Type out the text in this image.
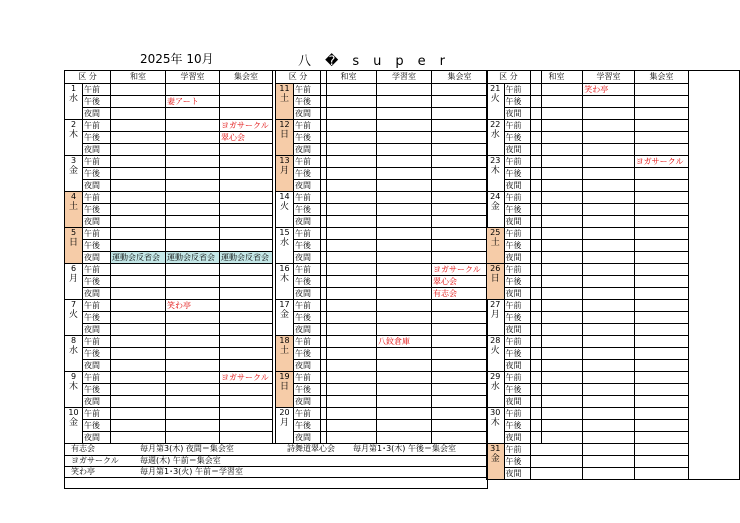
2025年 10月	八�super
区 分		和室	学習室	集会室

1
水	午前			
	午後		妻アート	
	夜間			

2
木	午前			ヨガサークル
	午後			翠心会
	夜間			

3
金	午前			
	午後			
	夜間			

4
土	午前			
	午後			
	夜間			

5
日	午前			
	午後			
	夜間	運動会反省会	運動会反省会	運動会反省会

6
月	午前			
	午後			
	夜間			

7
火	午前		笑わ亭	
	午後			
	夜間			

8
水	午前			
	午後			
	夜間			

9
木	午前			ヨガサークル
	午後			
	夜間			

10
金	午前			
	午後			
	夜間			
区 分		和室	学習室	集会室

11
土	午前			
	午後			
	夜間			

12
日	午前			
	午後			
	夜間			

13
月	午前			
	午後			
	夜間			

14
火	午前			
	午後			
	夜間			

15
水	午前			
	午後			
	夜間			

16
木	午前			ヨガサークル
	午後			翠心会
	夜間			有志会

17
金	午前			
	午後			
	夜間			

18
土	午前		八鈫倉庫	
	午後			
	夜間			

19
日	午前			
	午後			
	夜間			

20
月	午前			
	午後			
	夜間			
区 分		和室	学習室	集会室

21
火	午前		笑わ亭	
	午後			
	夜間			

22
水	午前			
	午後			
	夜間			

23
木	午前			ヨガサークル
	午後			
	夜間			

24
金	午前			
	午後			
	夜間			

25
土	午前			
	午後			
	夜間			

26
日	午前			
	午後			
	夜間			

27
月	午前			
	午後			
	夜間			

28
火	午前			
	午後			
	夜間			

29
水	午前			
	午後			
	夜間			

30
木	午前			
	午後			
	夜間			

31
金	午前			
	午後			
	夜間			
有志会	毎月第3(木) 夜間＝集会室	詩舞道翠心会 毎月第1･3(木) 午後＝集会室
ヨガサークル	毎週(木) 午前＝集会室
笑わ亭	毎月第1･3(火) 午前＝学習室
